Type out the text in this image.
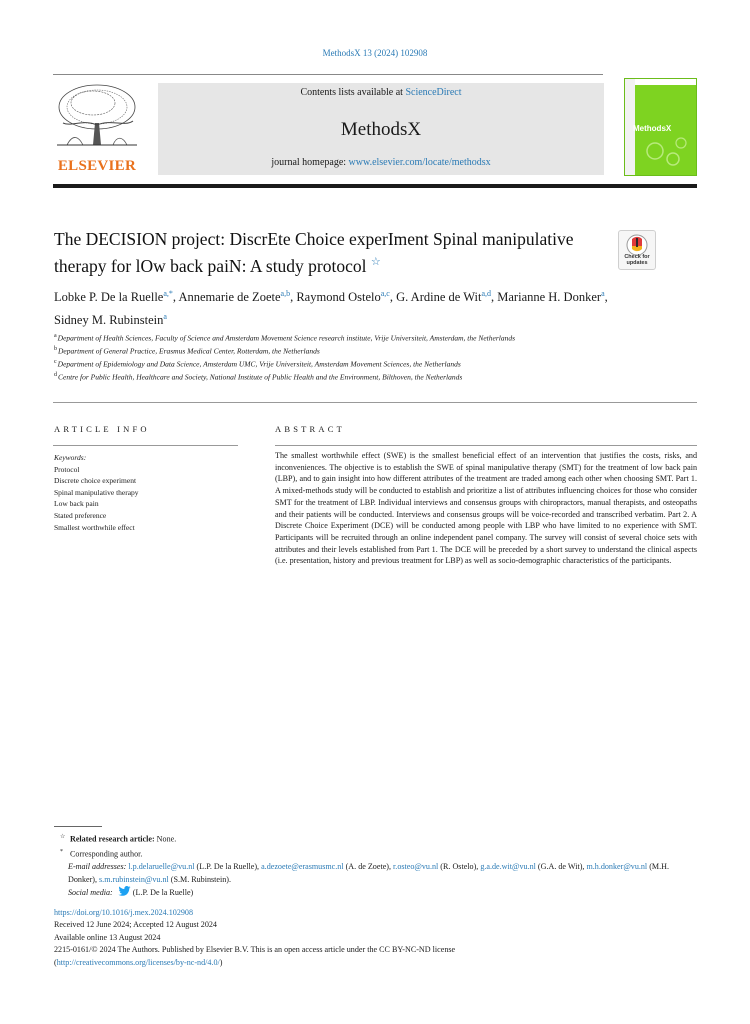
MethodsX 13 (2024) 102908
ELSEVIER
Contents lists available at ScienceDirect
MethodsX
journal homepage: www.elsevier.com/locate/methodsx
MethodsX
The DECISION project: DiscrEte Choice experIment Spinal manipulative therapy for lOw back paiN: A study protocol ☆	Check for updates
Lobke P. De la Ruelle$^{a,*}$, Annemarie de Zoete$^{a,b}$, Raymond Ostelo$^{a,c}$, G. Ardine de Wit$^{a,d}$, Marianne H. Donker$^a$, Sidney M. Rubinstein$^a$
$^a$Department of Health Sciences, Faculty of Science and Amsterdam Movement Science research institute, Vrije Universiteit, Amsterdam, the Netherlands
$^b$Department of General Practice, Erasmus Medical Center, Rotterdam, the Netherlands
$^c$Department of Epidemiology and Data Science, Amsterdam UMC, Vrije Universiteit, Amsterdam Movement Sciences, the Netherlands
$^d$Centre for Public Health, Healthcare and Society, National Institute of Public Health and the Environment, Bilthoven, the Netherlands
ARTICLE INFO	ABSTRACT
Keywords:
Protocol
Discrete choice experiment
Spinal manipulative therapy
Low back pain
Stated preference
Smallest worthwhile effect
The smallest worthwhile effect (SWE) is the smallest beneficial effect of an intervention that justifies the costs, risks, and inconveniences. The objective is to establish the SWE of spinal manipulative therapy (SMT) for the treatment of low back pain (LBP), and to gain insight into how different attributes of the treatment are traded among each other when choosing SMT. Part 1. A mixed-methods study will be conducted to establish and prioritize a list of attributes influencing choices for those who consider SMT for the treatment of LBP. Individual interviews and consensus groups with chiropractors, manual therapists, and osteopaths and their patients will be conducted. Interviews and consensus groups will be voice-recorded and transcribed verbatim. Part 2. A Discrete Choice Experiment (DCE) will be conducted among people with LBP who have limited to no experience with SMT. Participants will be recruited through an online independent panel company. The survey will consist of several choice sets with attributes and their levels established from Part 1. The DCE will be preceded by a short survey to understand the clinical aspects (i.e. presentation, history and previous treatment for LBP) as well as socio-demographic characteristics of the participants.
☆ Related research article: None.
* Corresponding author.
E-mail addresses: l.p.delaruelle@vu.nl (L.P. De la Ruelle), a.dezoete@erasmusmc.nl (A. de Zoete), r.osteo@vu.nl (R. Ostelo), g.a.de.wit@vu.nl (G.A. de Wit), m.h.donker@vu.nl (M.H. Donker), s.m.rubinstein@vu.nl (S.M. Rubinstein).
Social media:  (L.P. De la Ruelle)
https://doi.org/10.1016/j.mex.2024.102908
Received 12 June 2024; Accepted 12 August 2024
Available online 13 August 2024
2215-0161/© 2024 The Authors. Published by Elsevier B.V. This is an open access article under the CC BY-NC-ND license
(http://creativecommons.org/licenses/by-nc-nd/4.0/)
